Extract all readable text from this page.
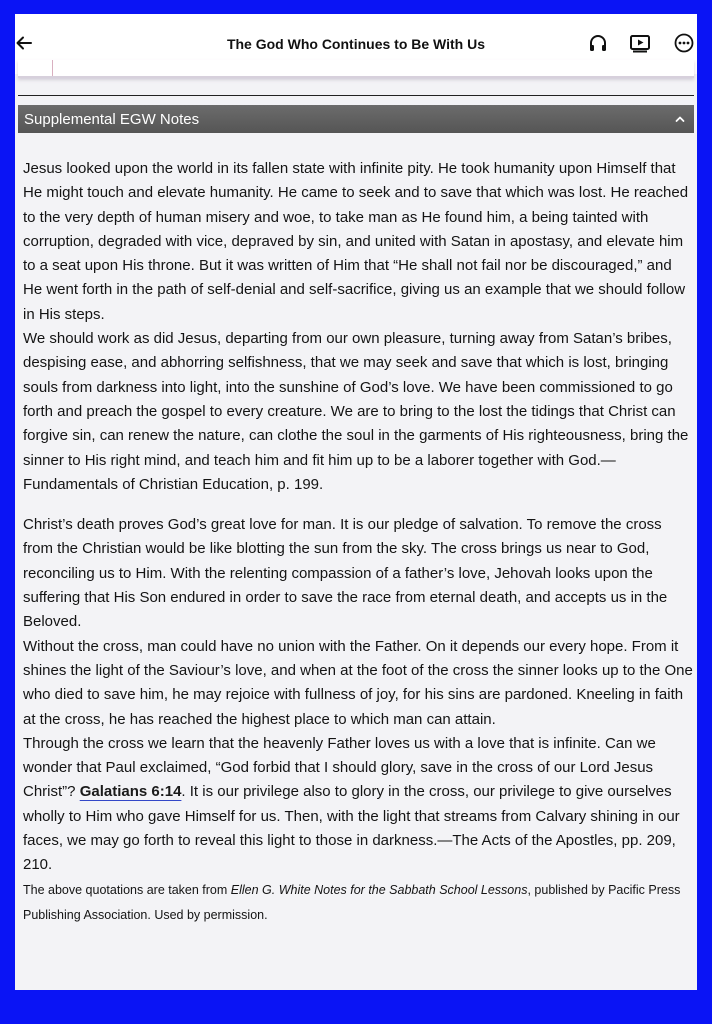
The God Who Continues to Be With Us
Supplemental EGW Notes

Jesus looked upon the world in its fallen state with infinite pity. He took humanity upon Himself that He might touch and elevate humanity. He came to seek and to save that which was lost. He reached to the very depth of human misery and woe, to take man as He found him, a being tainted with corruption, degraded with vice, depraved by sin, and united with Satan in apostasy, and elevate him to a seat upon His throne. But it was written of Him that “He shall not fail nor be discouraged,” and He went forth in the path of self-denial and self-sacrifice, giving us an example that we should follow in His steps.

We should work as did Jesus, departing from our own pleasure, turning away from Satan’s bribes, despising ease, and abhorring selfishness, that we may seek and save that which is lost, bringing souls from darkness into light, into the sunshine of God’s love. We have been commissioned to go forth and preach the gospel to every creature. We are to bring to the lost the tidings that Christ can forgive sin, can renew the nature, can clothe the soul in the garments of His righteousness, bring the sinner to His right mind, and teach him and fit him up to be a laborer together with God.—Fundamentals of Christian Education, p. 199.

Christ’s death proves God’s great love for man. It is our pledge of salvation. To remove the cross from the Christian would be like blotting the sun from the sky. The cross brings us near to God, reconciling us to Him. With the relenting compassion of a father’s love, Jehovah looks upon the suffering that His Son endured in order to save the race from eternal death, and accepts us in the Beloved.

Without the cross, man could have no union with the Father. On it depends our every hope. From it shines the light of the Saviour’s love, and when at the foot of the cross the sinner looks up to the One who died to save him, he may rejoice with fullness of joy, for his sins are pardoned. Kneeling in faith at the cross, he has reached the highest place to which man can attain.

Through the cross we learn that the heavenly Father loves us with a love that is infinite. Can we wonder that Paul exclaimed, “God forbid that I should glory, save in the cross of our Lord Jesus Christ”? Galatians 6:14. It is our privilege also to glory in the cross, our privilege to give ourselves wholly to Him who gave Himself for us. Then, with the light that streams from Calvary shining in our faces, we may go forth to reveal this light to those in darkness.—The Acts of the Apostles, pp. 209, 210.

The above quotations are taken from Ellen G. White Notes for the Sabbath School Lessons, published by Pacific Press Publishing Association. Used by permission.
